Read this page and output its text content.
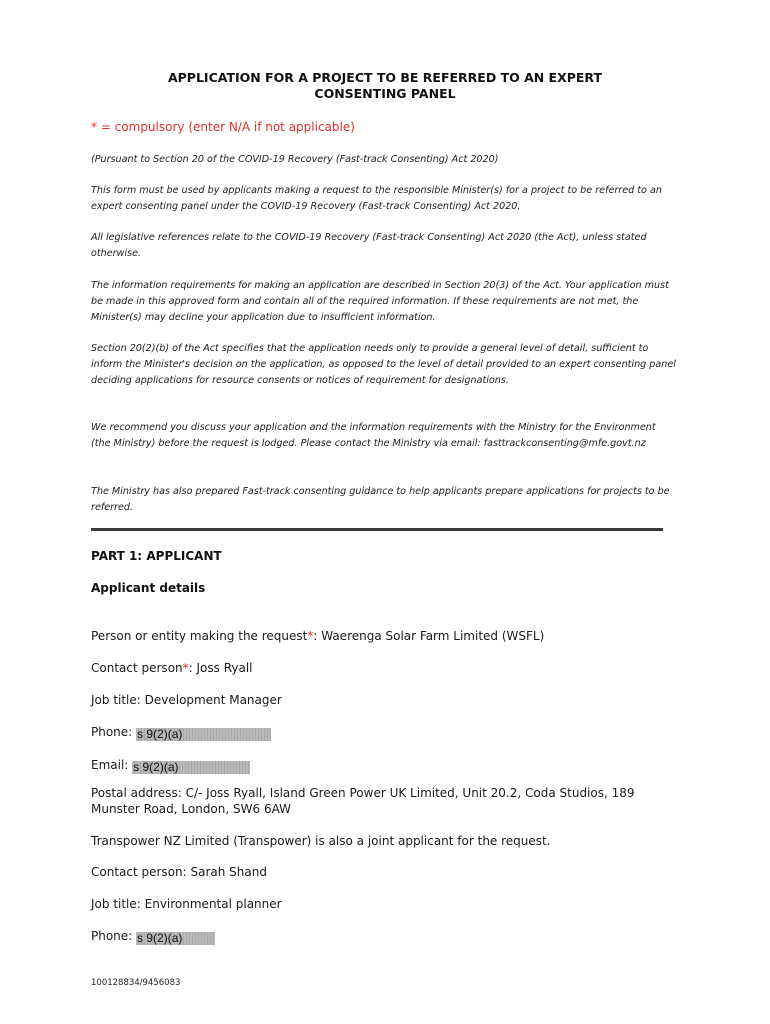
APPLICATION FOR A PROJECT TO BE REFERRED TO AN EXPERT
CONSENTING PANEL
* = compulsory (enter N/A if not applicable)

(Pursuant to Section 20 of the COVID-19 Recovery (Fast-track Consenting) Act 2020)

This form must be used by applicants making a request to the responsible Minister(s) for a project to be referred to an expert consenting panel under the COVID-19 Recovery (Fast-track Consenting) Act 2020.

All legislative references relate to the COVID-19 Recovery (Fast-track Consenting) Act 2020 (the Act), unless stated otherwise.

The information requirements for making an application are described in Section 20(3) of the Act. Your application must be made in this approved form and contain all of the required information. If these requirements are not met, the Minister(s) may decline your application due to insufficient information.

Section 20(2)(b) of the Act specifies that the application needs only to provide a general level of detail, sufficient to inform the Minister's decision on the application, as opposed to the level of detail provided to an expert consenting panel deciding applications for resource consents or notices of requirement for designations.

We recommend you discuss your application and the information requirements with the Ministry for the Environment (the Ministry) before the request is lodged. Please contact the Ministry via email: fasttrackconsenting@mfe.govt.nz

The Ministry has also prepared Fast-track consenting guidance to help applicants prepare applications for projects to be referred.

PART 1: APPLICANT
Applicant details
Person or entity making the request*: Waerenga Solar Farm Limited (WSFL)
Contact person*: Joss Ryall
Job title: Development Manager
Phone: s 9(2)(a)
Email: s 9(2)(a)
Postal address: C/- Joss Ryall, Island Green Power UK Limited, Unit 20.2, Coda Studios, 189 Munster Road, London, SW6 6AW
Transpower NZ Limited (Transpower) is also a joint applicant for the request.
Contact person: Sarah Shand
Job title: Environmental planner
Phone: s 9(2)(a)
100128834/9456083
